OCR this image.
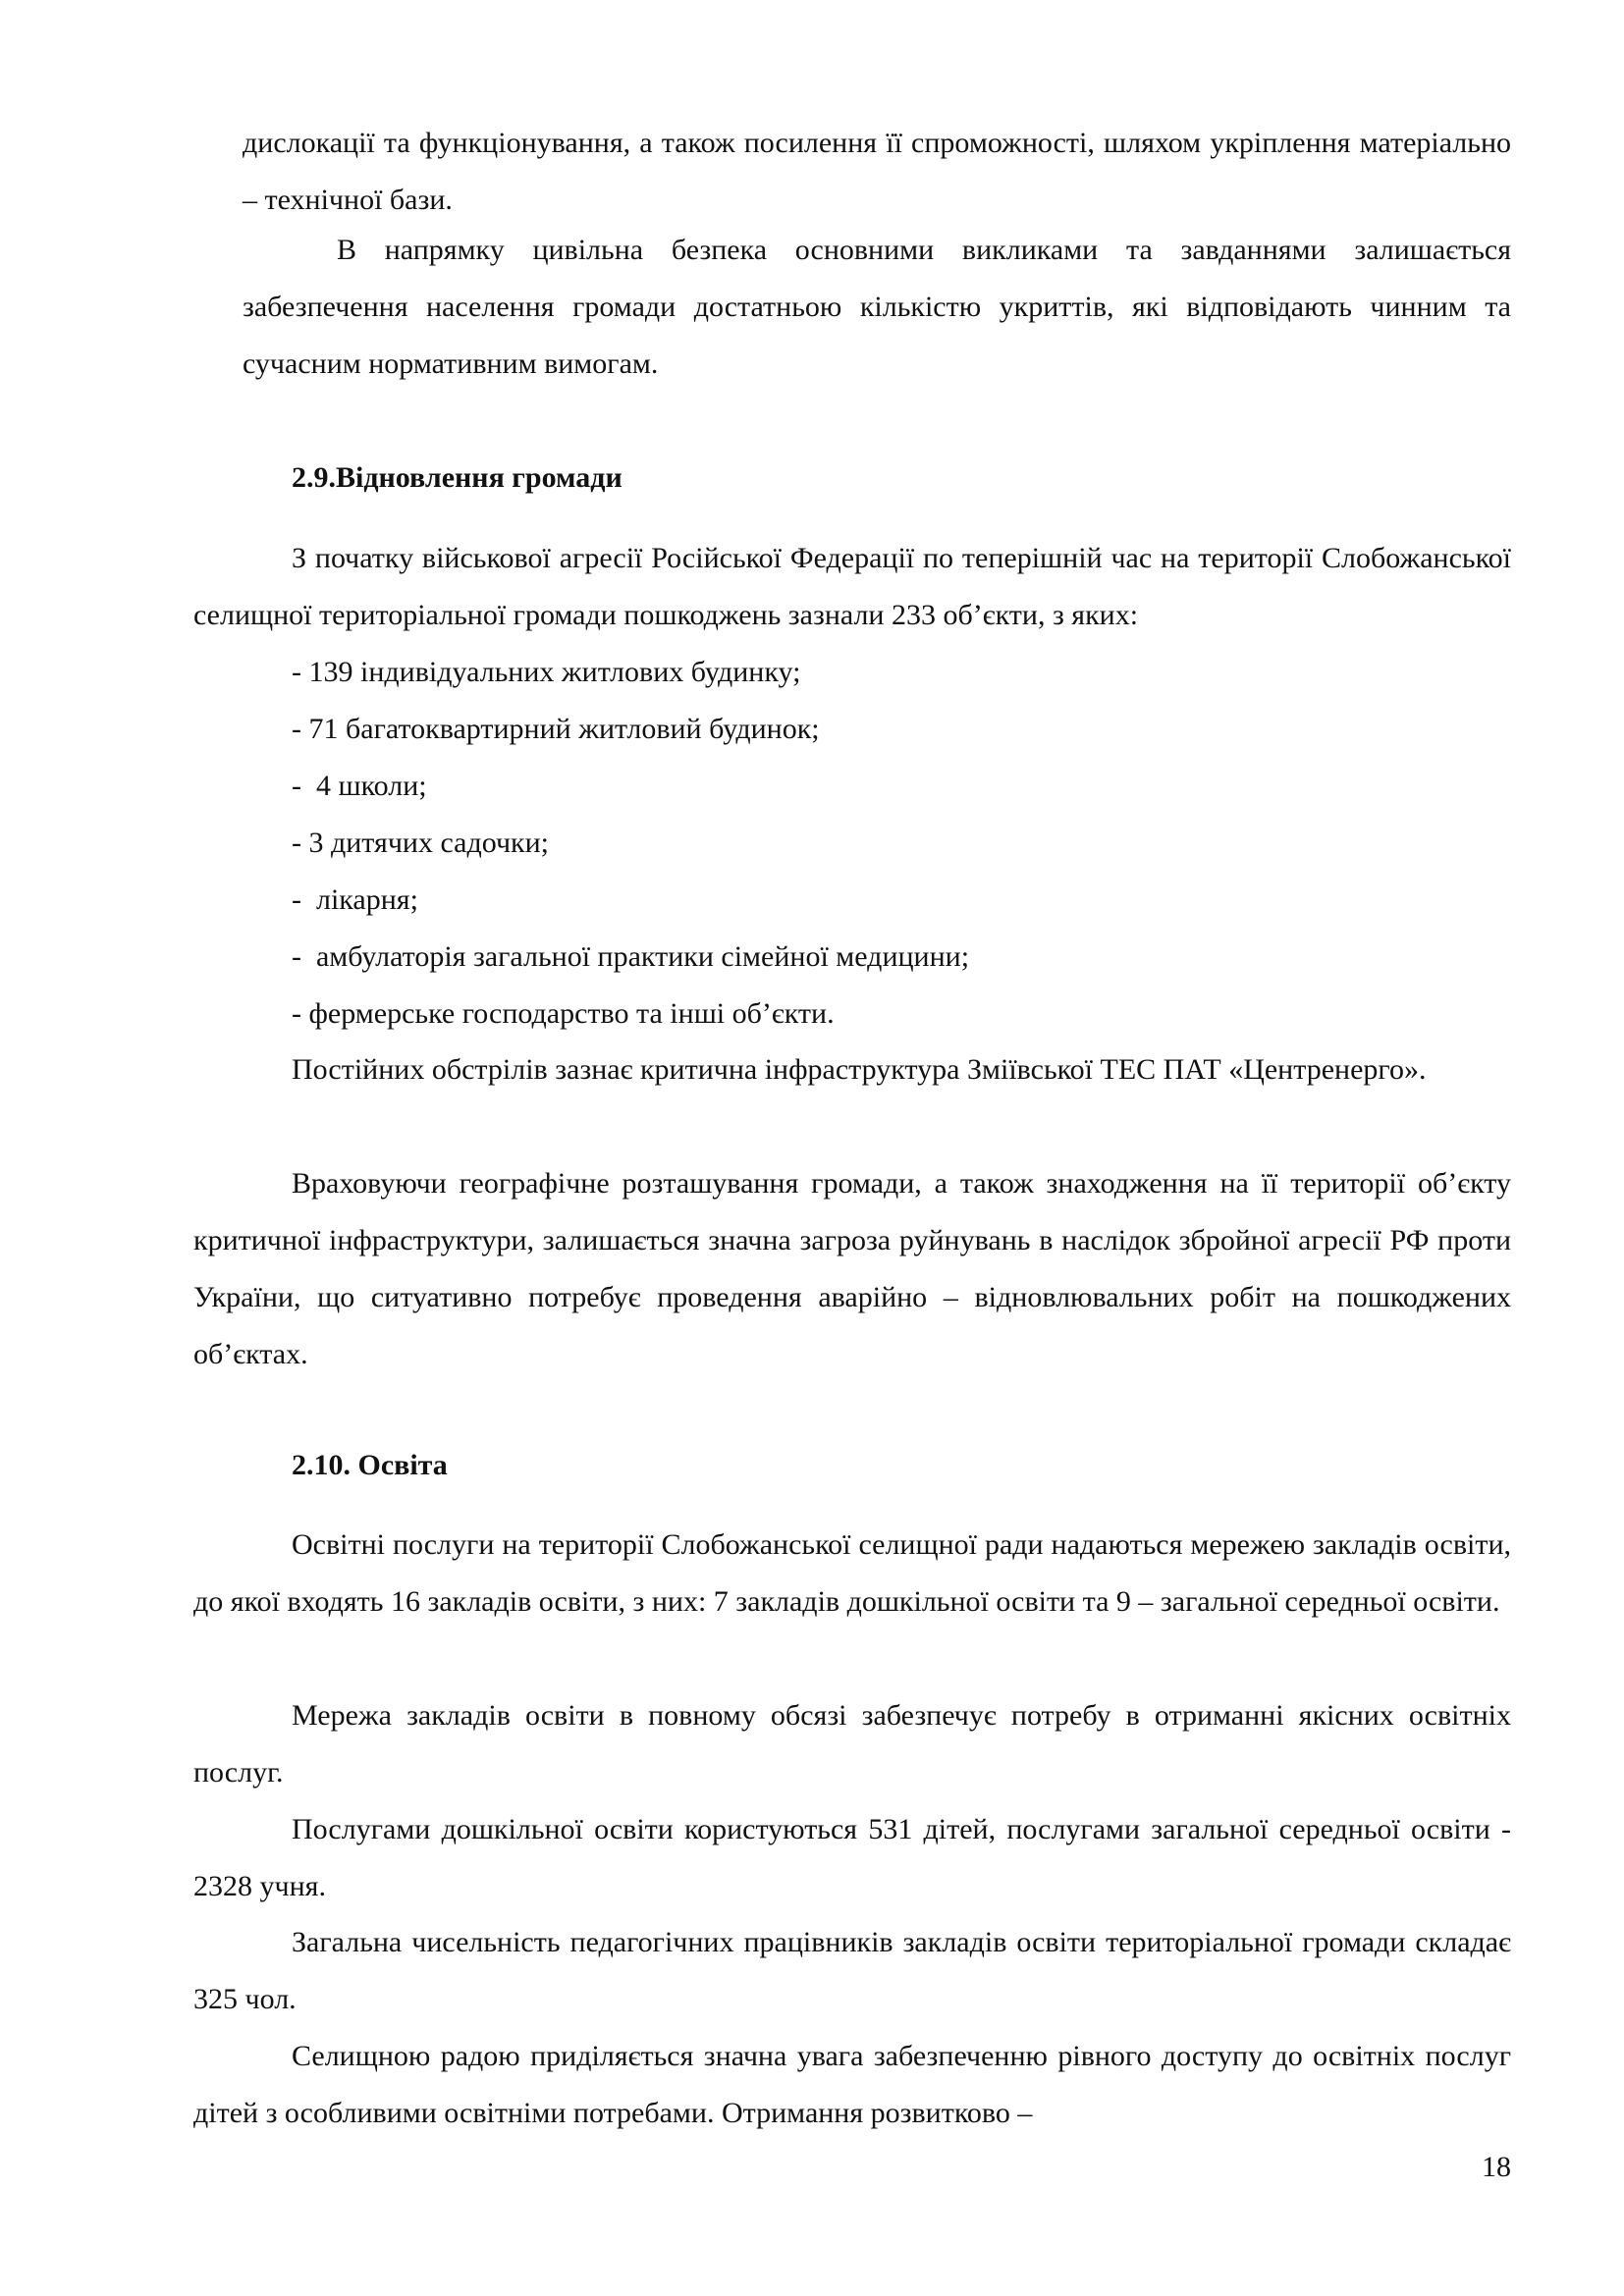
дислокації та функціонування, а також посилення її спроможності, шляхом укріплення матеріально – технічної бази.

В напрямку цивільна безпека основними викликами та завданнями залишається забезпечення населення громади достатньою кількістю укриттів, які відповідають чинним та сучасним нормативним вимогам.

2.9.Відновлення громади

З початку військової агресії Російської Федерації по теперішній час на території Слобожанської селищної територіальної громади пошкоджень зазнали 233 об’єкти, з яких:

- 139 індивідуальних житлових будинку;
- 71 багатоквартирний житловий будинок;
-  4 школи;
- 3 дитячих садочки;
-  лікарня;
-  амбулаторія загальної практики сімейної медицини;
- фермерське господарство та інші об’єкти.

Постійних обстрілів зазнає критична інфраструктура Зміївської ТЕС ПАТ «Центренерго».

Враховуючи географічне розташування громади, а також знаходження на її території об’єкту критичної інфраструктури, залишається значна загроза руйнувань в наслідок збройної агресії РФ проти України, що ситуативно потребує проведення аварійно – відновлювальних робіт на пошкоджених об’єктах.

2.10. Освіта

Освітні послуги на території Слобожанської селищної ради надаються мережею закладів освіти, до якої входять 16 закладів освіти, з них: 7 закладів дошкільної освіти та 9 – загальної середньої освіти.

Мережа закладів освіти в повному обсязі забезпечує потребу в отриманні якісних освітніх послуг.

Послугами дошкільної освіти користуються 531 дітей, послугами загальної середньої освіти - 2328 учня.

Загальна чисельність педагогічних працівників закладів освіти територіальної громади складає 325 чол.

Селищною радою приділяється значна увага забезпеченню рівного доступу до освітніх послуг дітей з особливими освітніми потребами. Отримання розвитково –

18
